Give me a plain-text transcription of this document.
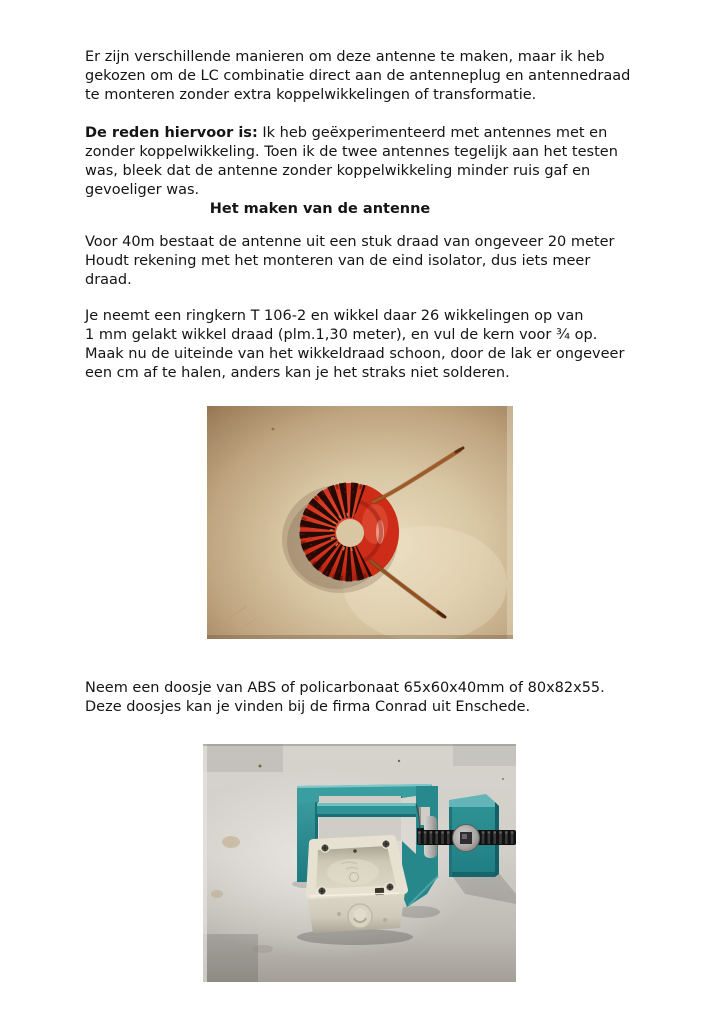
Er zijn verschillende manieren om deze antenne te maken, maar ik heb
gekozen om de LC combinatie direct aan de antenneplug en antennedraad
te monteren zonder extra koppelwikkelingen of transformatie.
De reden hiervoor is: Ik heb geëxperimenteerd met antennes met en
zonder koppelwikkeling. Toen ik de twee antennes tegelijk aan het testen
was, bleek dat de antenne zonder koppelwikkeling minder ruis gaf en
gevoeliger was.
Het maken van de antenne
Voor 40m bestaat de antenne uit een stuk draad van ongeveer 20 meter
Houdt rekening met het monteren van de eind isolator, dus iets meer
draad.
Je neemt een ringkern T 106-2 en wikkel daar 26 wikkelingen op van
1 mm gelakt wikkel draad (plm.1,30 meter), en vul de kern voor ¾ op.
Maak nu de uiteinde van het wikkeldraad schoon, door de lak er ongeveer
een cm af te halen, anders kan je het straks niet solderen.
Neem een doosje van ABS of policarbonaat 65x60x40mm of 80x82x55.
Deze doosjes kan je vinden bij de firma Conrad uit Enschede.
